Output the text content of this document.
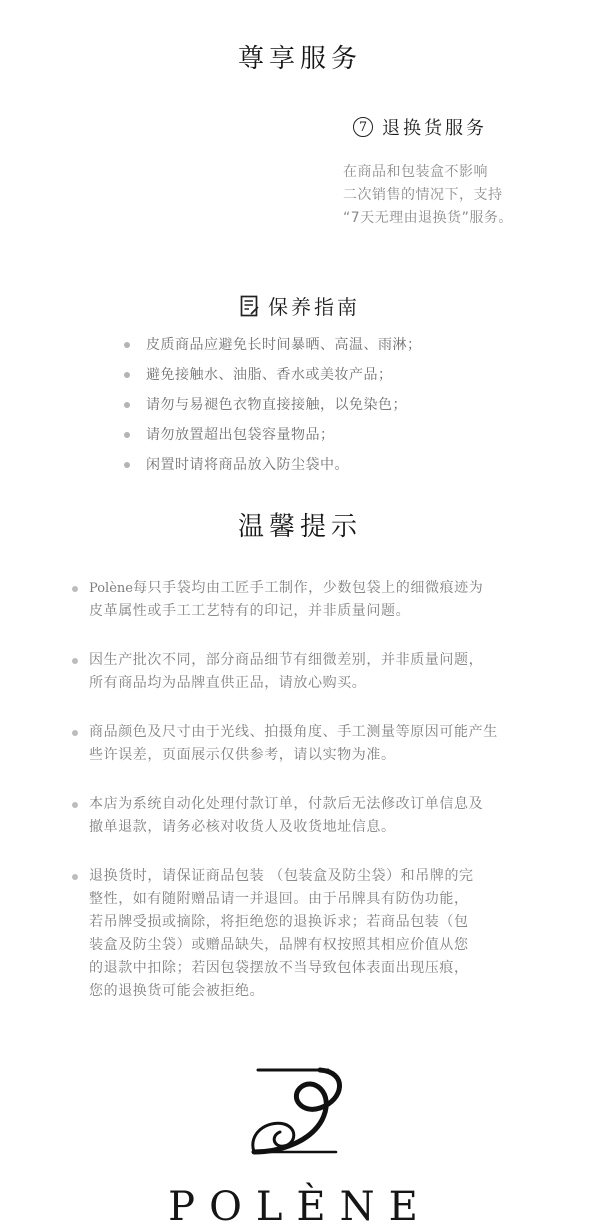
尊享服务
7 退换货服务
在商品和包装盒不影响
二次销售的情况下，支持
“7天无理由退换货”服务。
保养指南
皮质商品应避免长时间暴晒、高温、雨淋；
避免接触水、油脂、香水或美妆产品；
请勿与易褪色衣物直接接触，以免染色；
请勿放置超出包袋容量物品；
闲置时请将商品放入防尘袋中。
温馨提示
Polène每只手袋均由工匠手工制作，少数包袋上的细微痕迹为
皮革属性或手工工艺特有的印记，并非质量问题。
因生产批次不同，部分商品细节有细微差别，并非质量问题，
所有商品均为品牌直供正品，请放心购买。
商品颜色及尺寸由于光线、拍摄角度、手工测量等原因可能产生
些许误差，页面展示仅供参考，请以实物为准。
本店为系统自动化处理付款订单，付款后无法修改订单信息及
撤单退款，请务必核对收货人及收货地址信息。
退换货时，请保证商品包装 （包装盒及防尘袋）和吊牌的完
整性，如有随附赠品请一并退回。由于吊牌具有防伪功能，
若吊牌受损或摘除，将拒绝您的退换诉求；若商品包装（包
装盒及防尘袋）或赠品缺失，品牌有权按照其相应价值从您
的退款中扣除；若因包袋摆放不当导致包体表面出现压痕，
您的退换货可能会被拒绝。
POLÈNE
